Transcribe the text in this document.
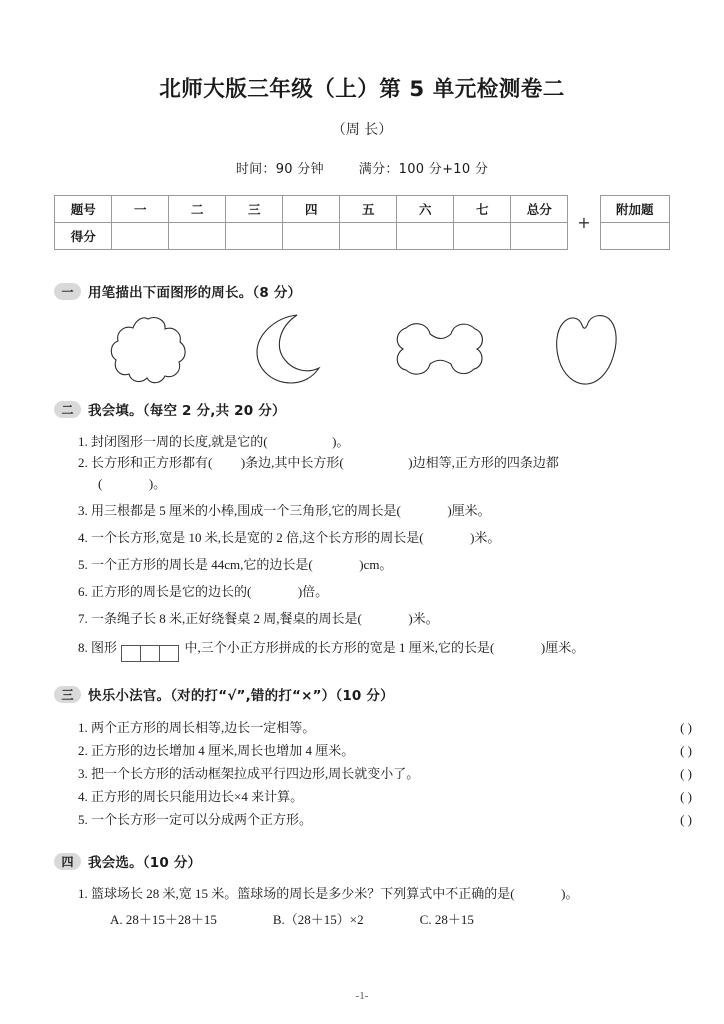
北师大版三年级（上）第 5 单元检测卷二
（周 长）
时间：90 分钟	满分：100 分+10 分
题号	一	二	三	四	五	六	七	总分
得分								
+
附加题

一	用笔描出下面图形的周长。（8 分）
二	我会填。（每空 2 分,共 20 分）
1. 封闭图形一周的长度,就是它的(	)。
2. 长方形和正方形都有( )条边,其中长方形(	)边相等,正方形的四条边都
(	)。
3. 用三根都是 5 厘米的小棒,围成一个三角形,它的周长是(	)厘米。
4. 一个长方形,宽是 10 米,长是宽的 2 倍,这个长方形的周长是(	)米。
5. 一个正方形的周长是 44cm,它的边长是(	)cm。
6. 正方形的周长是它的边长的(	)倍。
7. 一条绳子长 8 米,正好绕餐桌 2 周,餐桌的周长是(	)米。
8. 图形	中,三个小正方形拼成的长方形的宽是 1 厘米,它的长是(	)厘米。
三	快乐小法官。（对的打“√”,错的打“×”）（10 分）
1. 两个正方形的周长相等,边长一定相等。	( )
2. 正方形的边长增加 4 厘米,周长也增加 4 厘米。	( )
3. 把一个长方形的活动框架拉成平行四边形,周长就变小了。	( )
4. 正方形的周长只能用边长×4 来计算。	( )
5. 一个长方形一定可以分成两个正方形。	( )
四	我会选。（10 分）
1. 篮球场长 28 米,宽 15 米。篮球场的周长是多少米？下列算式中不正确的是(	)。
A. 28＋15＋28＋15	B.（28＋15）×2	C. 28＋15
-1-
